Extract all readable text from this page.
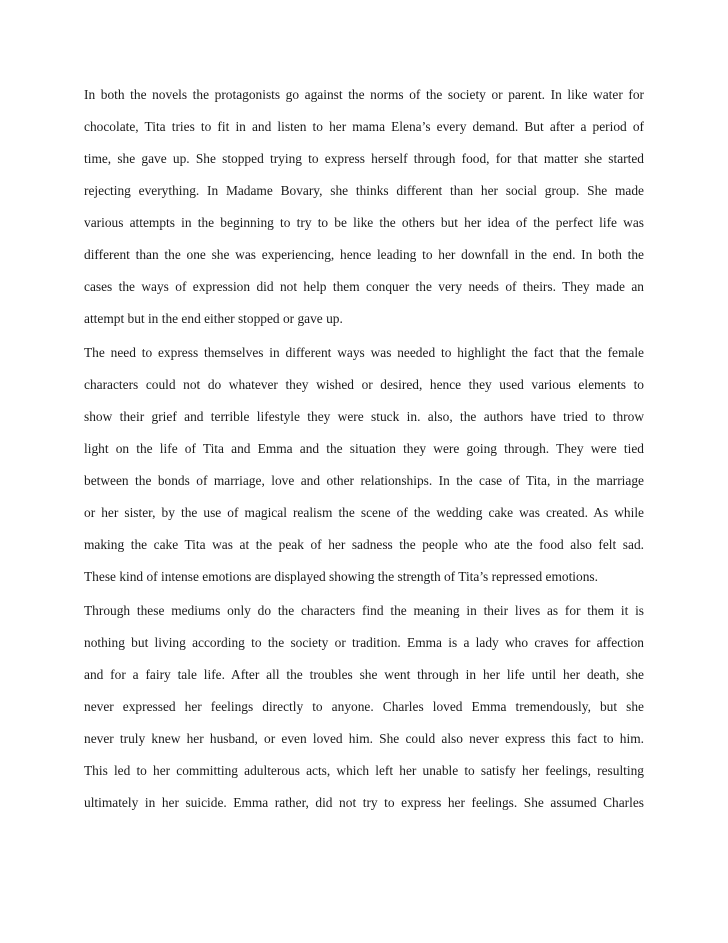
In both the novels the protagonists go against the norms of the society or parent. In like water for
chocolate, Tita tries to fit in and listen to her mama Elena’s every demand. But after a period of
time, she gave up. She stopped trying to express herself through food, for that matter she started
rejecting everything. In Madame Bovary, she thinks different than her social group. She made
various attempts in the beginning to try to be like the others but her idea of the perfect life was
different than the one she was experiencing, hence leading to her downfall in the end. In both the
cases the ways of expression did not help them conquer the very needs of theirs. They made an
attempt but in the end either stopped or gave up.
The need to express themselves in different ways was needed to highlight the fact that the female
characters could not do whatever they wished or desired, hence they used various elements to
show their grief and terrible lifestyle they were stuck in. also, the authors have tried to throw
light on the life of Tita and Emma and the situation they were going through. They were tied
between the bonds of marriage, love and other relationships. In the case of Tita, in the marriage
or her sister, by the use of magical realism the scene of the wedding cake was created. As while
making the cake Tita was at the peak of her sadness the people who ate the food also felt sad.
These kind of intense emotions are displayed showing the strength of Tita’s repressed emotions.
Through these mediums only do the characters find the meaning in their lives as for them it is
nothing but living according to the society or tradition. Emma is a lady who craves for affection
and for a fairy tale life. After all the troubles she went through in her life until her death, she
never expressed her feelings directly to anyone. Charles loved Emma tremendously, but she
never truly knew her husband, or even loved him. She could also never express this fact to him.
This led to her committing adulterous acts, which left her unable to satisfy her feelings, resulting
ultimately in her suicide. Emma rather, did not try to express her feelings. She assumed Charles
